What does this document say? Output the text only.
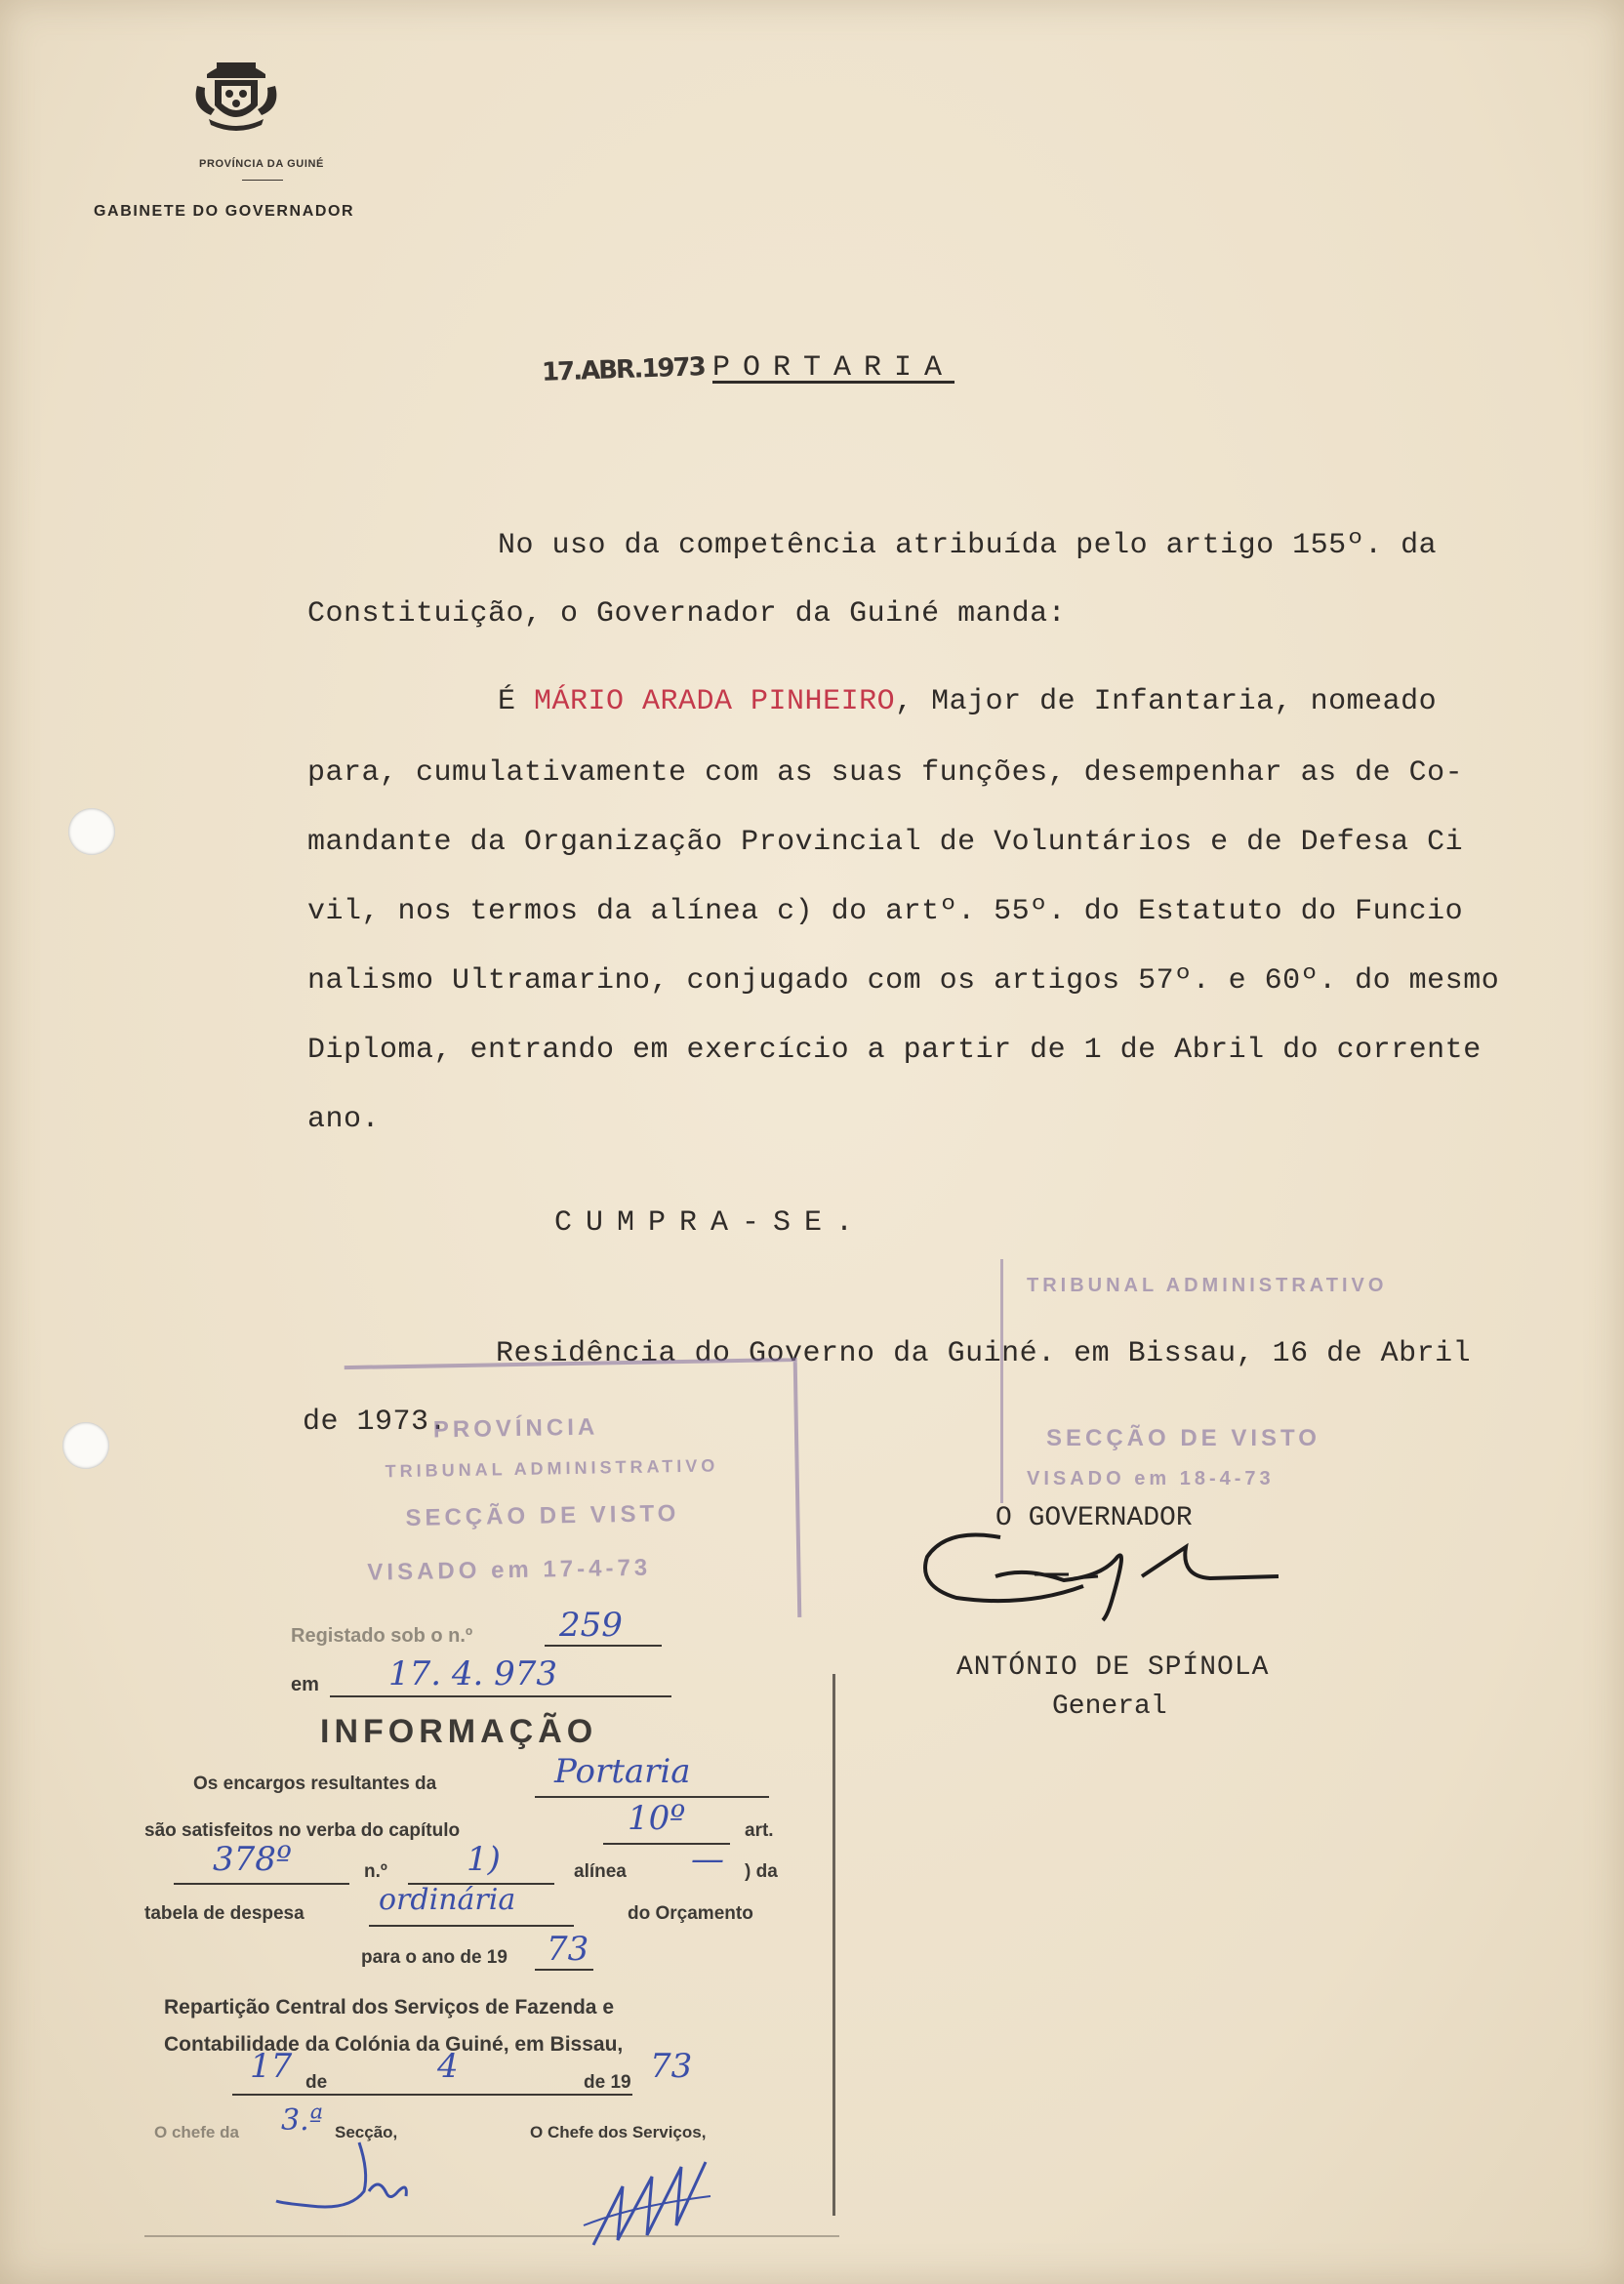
PROVÍNCIA DA GUINÉ
GABINETE DO GOVERNADOR
17.ABR.1973 PORTARIA
No uso da competência atribuída pelo artigo 155º. da
Constituição, o Governador da Guiné manda:
É MÁRIO ARADA PINHEIRO, Major de Infantaria, nomeado
para, cumulativamente com as suas funções, desempenhar as de Co-
mandante da Organização Provincial de Voluntários e de Defesa Ci
vil, nos termos da alínea c) do artº. 55º. do Estatuto do Funcio
nalismo Ultramarino, conjugado com os artigos 57º. e 60º. do mesmo
Diploma, entrando em exercício a partir de 1 de Abril do corrente
ano.
CUMPRA-SE.
Residência do Governo da Guiné. em Bissau, 16 de Abril
de 1973.
PROVÍNCIA
TRIBUNAL ADMINISTRATIVO
SECÇÃO DE VISTO
VISADO em 17-4-73
TRIBUNAL ADMINISTRATIVO
SECÇÃO DE VISTO
VISADO em 18-4-73
O GOVERNADOR
ANTÓNIO DE SPÍNOLA
General
Registado sob o n.º	259
em 17. 4. 973
INFORMAÇÃO
Os encargos resultantes da	Portaria
são satisfeitos no verba do capítulo	10º	art.
378º	n.º 1)	alínea — ) da
tabela de despesa	ordinária	do Orçamento
para o ano de 19 73
Repartição Central dos Serviços de Fazenda e
Contabilidade da Colónia da Guiné, em Bissau,
17 de	4	de 19 73
O chefe da 3.ª Secção,	O Chefe dos Serviços,
